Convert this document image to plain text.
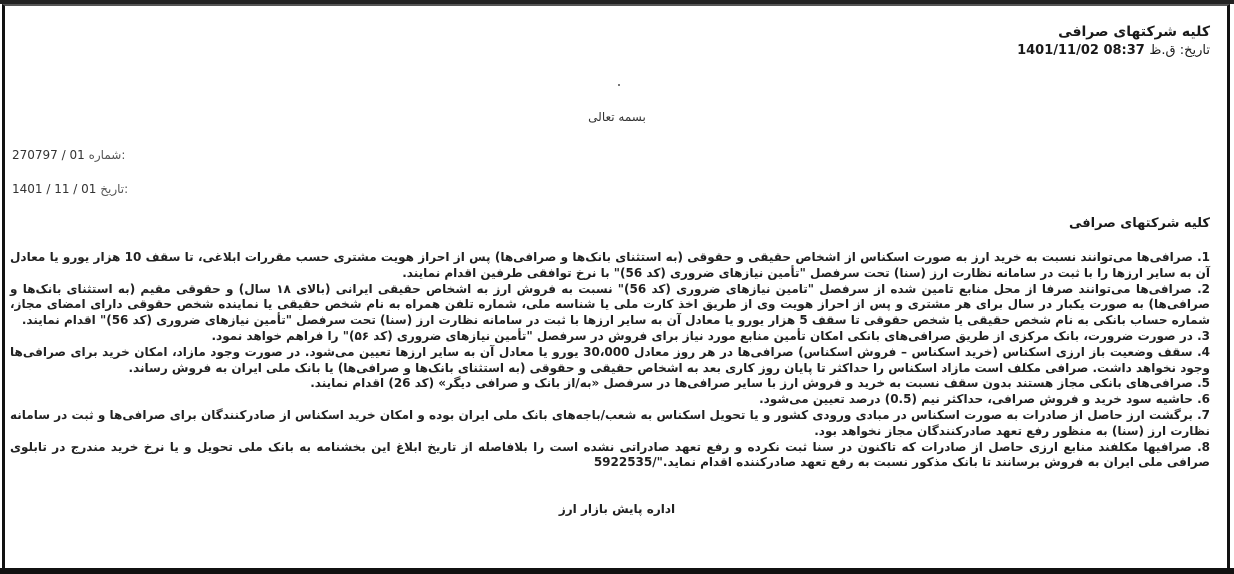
کلیه شرکتهای صرافی
تاریخ: ق.ظ 1401/11/02 08:37
بسمه تعالی
270797 / 01 شماره:
1401 / 11 / 01 تاریخ:
کلیه شرکتهای صرافی

1. صرافی‌ها می‌توانند نسبت به خرید ارز به صورت اسکناس از اشخاص حقیقی و حقوقی (به استثنای بانک‌ها و صرافی‌ها) پس از احراز هویت مشتری حسب مقررات ابلاغی، تا سقف 10 هزار یورو یا معادل آن به سایر ارزها را با ثبت در سامانه نظارت ارز (سنا) تحت سرفصل "تأمین نیازهای ضروری (کد 56)" با نرخ توافقی طرفین اقدام نمایند.

2. صرافی‌ها می‌توانند صرفا از محل منابع تامین شده از سرفصل "تامین نیازهای ضروری (کد 56)" نسبت به فروش ارز به اشخاص حقیقی ایرانی (بالای ۱۸ سال) و حقوقی مقیم (به استثنای بانک‌ها و صرافی‌ها) به صورت یکبار در سال برای هر مشتری و پس از احراز هویت وی از طریق اخذ کارت ملی یا شناسه ملی، شماره تلفن همراه به نام شخص حقیقی یا نماینده شخص حقوقی دارای امضای مجاز، شماره حساب بانکی به نام شخص حقیقی یا شخص حقوقی تا سقف 5 هزار یورو یا معادل آن به سایر ارزها با ثبت در سامانه نظارت ارز (سنا) تحت سرفصل "تأمین نیازهای ضروری (کد 56)" اقدام نمایند.

3. در صورت ضرورت، بانک مرکزی از طریق صرافی‌های بانکی امکان تأمین منابع مورد نیاز برای فروش در سرفصل "تأمین نیازهای ضروری (کد ۵۶)" را فراهم خواهد نمود.

4. سقف وضعیت باز ارزی اسکناس (خرید اسکناس – فروش اسکناس) صرافی‌ها در هر روز معادل 30،000 یورو یا معادل آن به سایر ارزها تعیین می‌شود. در صورت وجود مازاد، امکان خرید برای صرافی‌ها وجود نخواهد داشت. صرافی مکلف است مازاد اسکناس را حداکثر تا پایان روز کاری بعد به اشخاص حقیقی و حقوقی (به استثنای بانک‌ها و صرافی‌ها) یا بانک ملی ایران به فروش رساند.

5. صرافی‌های بانکی مجاز هستند بدون سقف نسبت به خرید و فروش ارز با سایر صرافی‌ها در سرفصل «به/از بانک و صرافی دیگر» (کد 26) اقدام نمایند.

6. حاشیه سود خرید و فروش صرافی، حداکثر نیم (0.5) درصد تعیین می‌شود.

7. برگشت ارز حاصل از صادرات به صورت اسکناس در مبادی ورودی کشور و یا تحویل اسکناس به شعب/باجه‌های بانک ملی ایران بوده و امکان خرید اسکناس از صادرکنندگان برای صرافی‌ها و ثبت در سامانه نظارت ارز (سنا) به منظور رفع تعهد صادرکنندگان مجاز نخواهد بود.

8. صرافیها مکلفند منابع ارزی حاصل از صادرات که تاکنون در سنا ثبت نکرده و رفع تعهد صادراتی نشده است را بلافاصله از تاریخ ابلاغ این بخشنامه به بانک ملی تحویل و یا نرخ خرید مندرج در تابلوی صرافی ملی ایران به فروش برسانند تا بانک مذکور نسبت به رفع تعهد صادرکننده اقدام نماید."/5922535

اداره پایش بازار ارز
